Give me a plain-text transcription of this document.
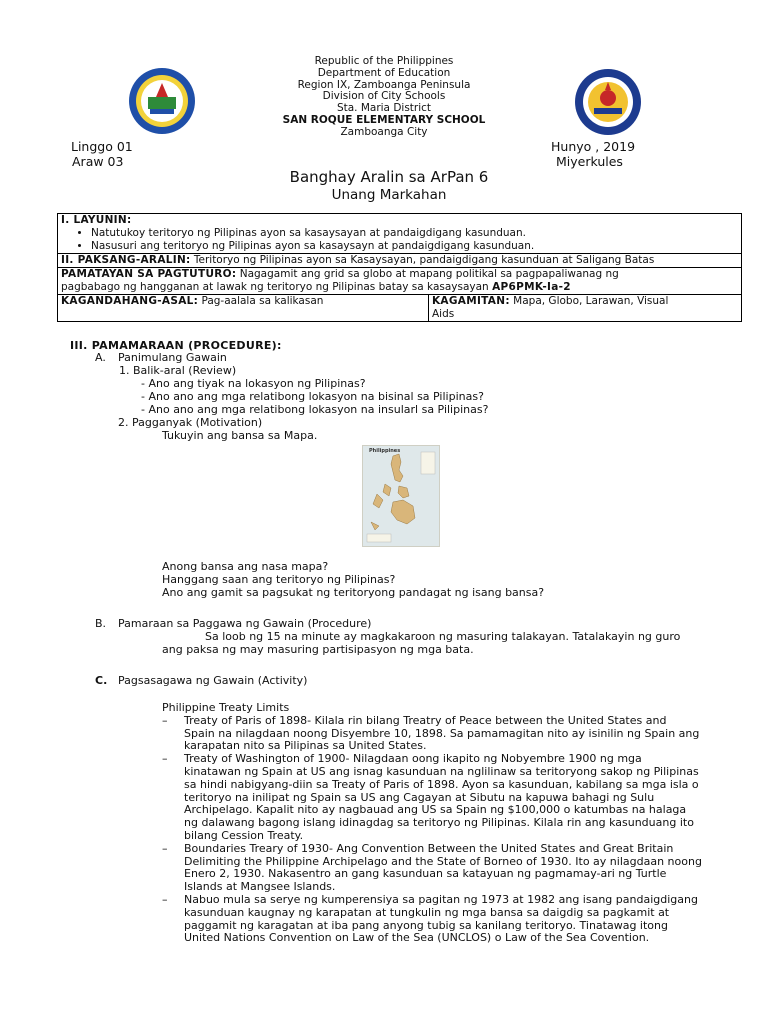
Republic of the Philippines
Department of Education
Region IX, Zamboanga Peninsula
Division of City Schools
Sta. Maria District
SAN ROQUE ELEMENTARY SCHOOL
Zamboanga City
Linggo 01
Araw 03
Hunyo , 2019
Miyerkules
Banghay Aralin sa ArPan 6
Unang Markahan
I. LAYUNIN:
• Natutukoy teritoryo ng Pilipinas ayon sa kasaysayan at pandaigdigang kasunduan.
• Nasusuri ang teritoryo ng Pilipinas ayon sa kasaysayn at pandaigdigang kasunduan.

II. PAKSANG-ARALIN: Teritoryo ng Pilipinas ayon sa Kasaysayan, pandaigdigang kasunduan at Saligang Batas
PAMATAYAN SA PAGTUTURO: Nagagamit ang grid sa globo at mapang politikal sa pagpapaliwanag ng
pagbabago ng hangganan at lawak ng teritoryo ng Pilipinas batay sa kasaysayan AP6PMK-Ia-2
KAGANDAHANG-ASAL: Pag-aalala sa kalikasan	KAGAMITAN: Mapa, Globo, Larawan, Visual
Aids
III. PAMAMARAAN (PROCEDURE):
A. Panimulang Gawain
1. Balik-aral (Review)
- Ano ang tiyak na lokasyon ng Pilipinas?
- Ano ano ang mga relatibong lokasyon na bisinal sa Pilipinas?
- Ano ano ang mga relatibong lokasyon na insularl sa Pilipinas?
2. Pagganyak (Motivation)
Tukuyin ang bansa sa Mapa.
Philippines
Anong bansa ang nasa mapa?
Hanggang saan ang teritoryo ng Pilipinas?
Ano ang gamit sa pagsukat ng teritoryong pandagat ng isang bansa?
B. Pamaraan sa Paggawa ng Gawain (Procedure)
Sa loob ng 15 na minute ay magkakaroon ng masuring talakayan. Tatalakayin ng guro
ang paksa ng may masuring partisipasyon ng mga bata.
C. Pagsasagawa ng Gawain (Activity)
Philippine Treaty Limits
– Treaty of Paris of 1898- Kilala rin bilang Treatry of Peace between the United States and
Spain na nilagdaan noong Disyembre 10, 1898. Sa pamamagitan nito ay isinilin ng Spain ang
karapatan nito sa Pilipinas sa United States.
– Treaty of Washington of 1900- Nilagdaan oong ikapito ng Nobyembre 1900 ng mga
kinatawan ng Spain at US ang isnag kasunduan na nglilinaw sa teritoryong sakop ng Pilipinas
sa hindi nabigyang-diin sa Treaty of Paris of 1898. Ayon sa kasunduan, kabilang sa mga isla o
teritoryo na inilipat ng Spain sa US ang Cagayan at Sibutu na kapuwa bahagi ng Sulu
Archipelago. Kapalit nito ay nagbauad ang US sa Spain ng $100,000 o katumbas na halaga
ng dalawang bagong islang idinagdag sa teritoryo ng Pilipinas. Kilala rin ang kasunduang ito
bilang Cession Treaty.
– Boundaries Treary of 1930- Ang Convention Between the United States and Great Britain
Delimiting the Philippine Archipelago and the State of Borneo of 1930. Ito ay nilagdaan noong
Enero 2, 1930. Nakasentro an gang kasunduan sa katayuan ng pagmamay-ari ng Turtle
Islands at Mangsee Islands.
– Nabuo mula sa serye ng kumperensiya sa pagitan ng 1973 at 1982 ang isang pandaigdigang
kasunduan kaugnay ng karapatan at tungkulin ng mga bansa sa daigdig sa pagkamit at
paggamit ng karagatan at iba pang anyong tubig sa kanilang teritoryo. Tinatawag itong
United Nations Convention on Law of the Sea (UNCLOS) o Law of the Sea Covention.
